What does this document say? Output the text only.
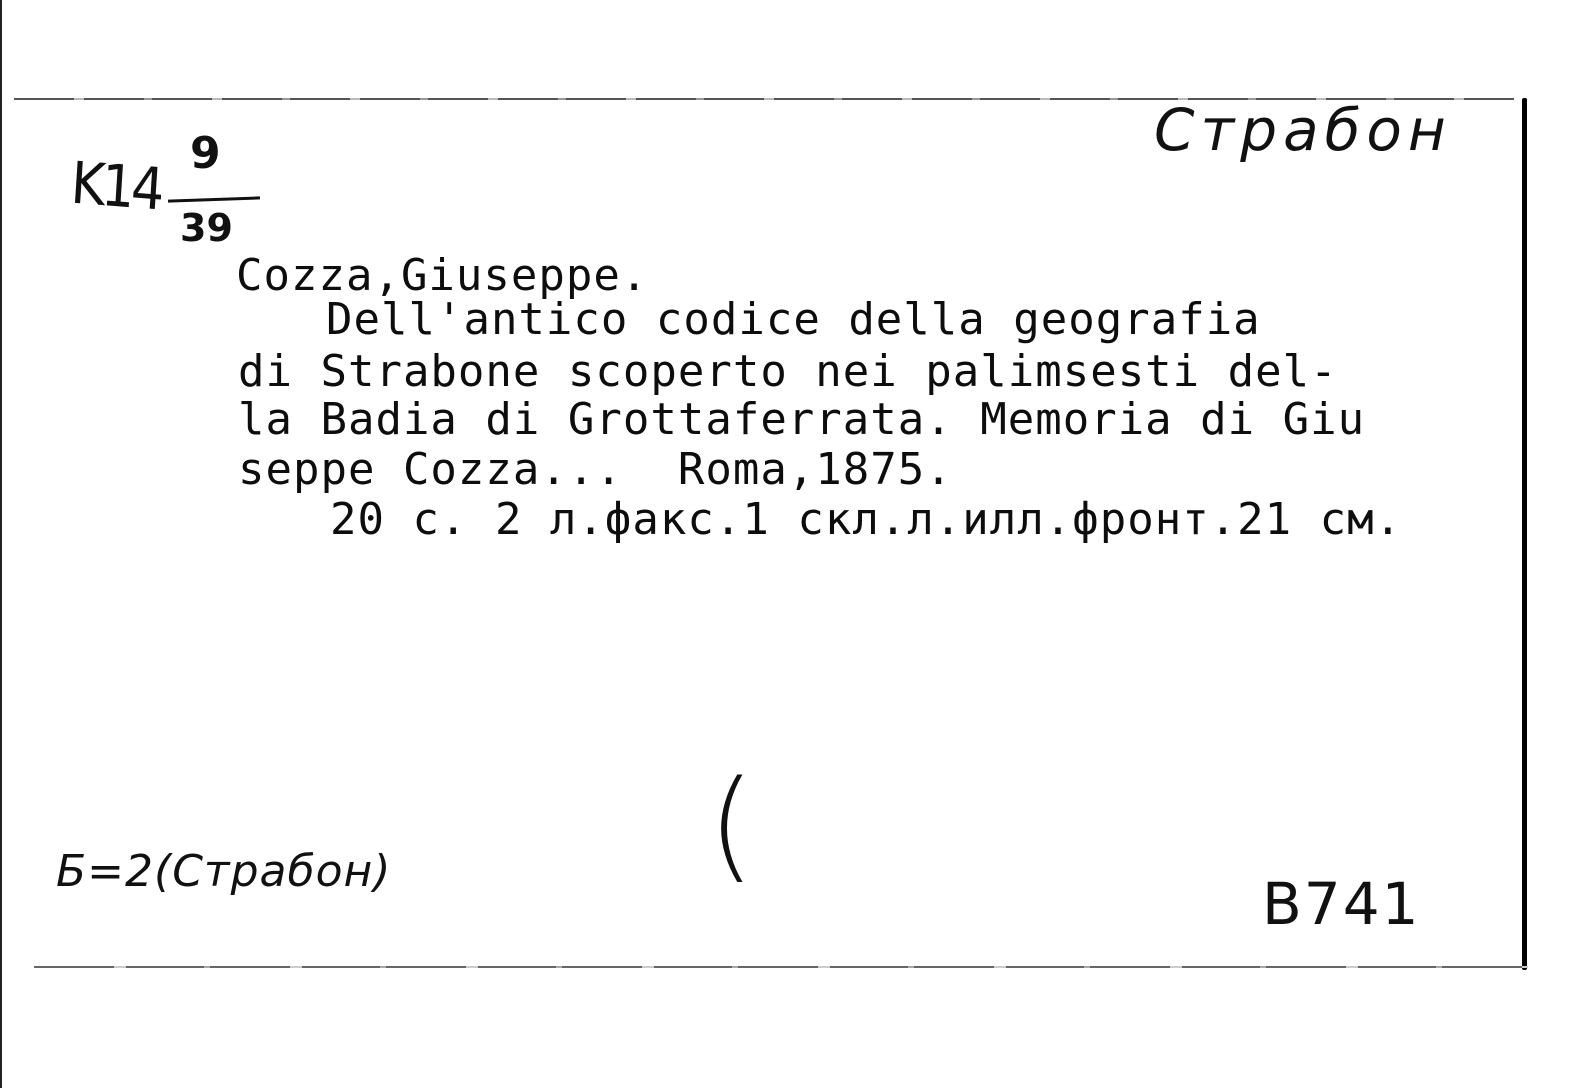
K14 9
39
Страбон
Cozza,Giuseppe.
Dell'antico codice della geografia
di Strabone scoperto nei palimsesti del-
la Badia di Grottaferrata. Memoria di Giu
seppe Cozza...  Roma,1875.
20 с. 2 л.факс.1 скл.л.илл.фронт.21 см.
(
Б=2(Страбон)	B741
